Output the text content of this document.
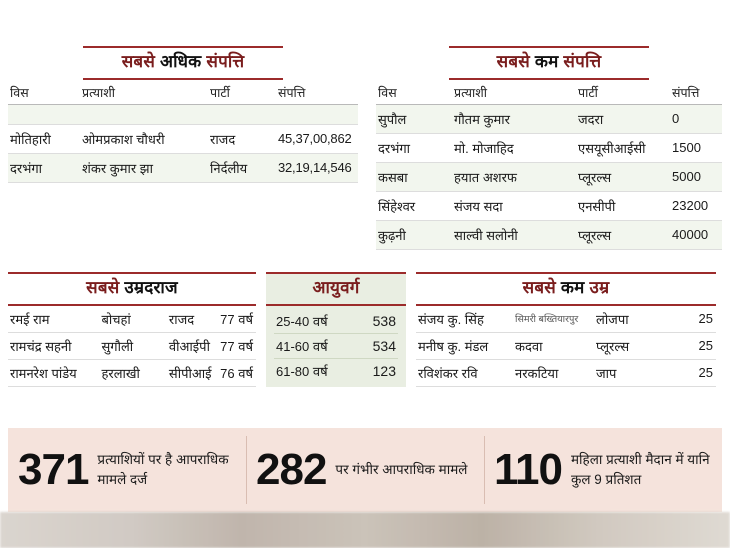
सबसे अधिक संपत्ति
विस	प्रत्याशी	पार्टी	संपत्ति

मोतिहारी	ओमप्रकाश चौधरी	राजद	45,37,00,862
दरभंगा	शंकर कुमार झा	निर्दलीय	32,19,14,546
सबसे कम संपत्ति
विस	प्रत्याशी	पार्टी	संपत्ति
सुपौल	गौतम कुमार	जदरा	0
दरभंगा	मो. मोजाहिद	एसयूसीआईसी	1500
कसबा	हयात अशरफ	प्लूरल्स	5000
सिंहेश्वर	संजय सदा	एनसीपी	23200
कुढ़नी	साल्वी सलोनी	प्लूरल्स	40000
सबसे उम्रदराज
रमई राम	बोचहां	राजद	77 वर्ष
रामचंद्र सहनी	सुगौली	वीआईपी	77 वर्ष
रामनरेश पांडेय	हरलाखी	सीपीआई	76 वर्ष
आयुवर्ग
25-40 वर्ष	538
41-60 वर्ष	534
61-80 वर्ष	123
सबसे कम उम्र
संजय कु. सिंह	सिमरी बख्तियारपुर	लोजपा	25
मनीष कु. मंडल	कदवा	प्लूरल्स	25
रविशंकर रवि	नरकटिया	जाप	25
371 प्रत्याशियों पर है आपराधिक मामले दर्ज	282 पर गंभीर आपराधिक मामले 110 महिला प्रत्याशी मैदान में यानि कुल 9 प्रतिशत
